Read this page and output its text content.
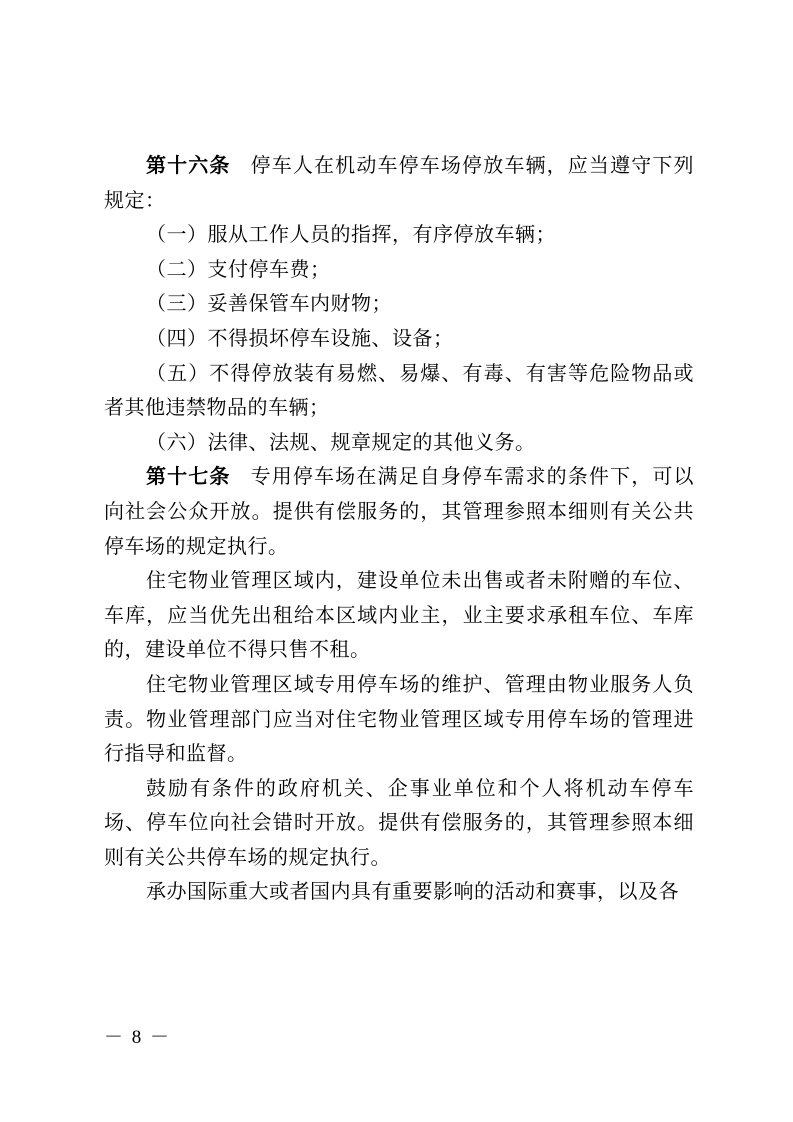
第十六条 停车人在机动车停车场停放车辆，应当遵守下列规定：

（一）服从工作人员的指挥，有序停放车辆；

（二）支付停车费；

（三）妥善保管车内财物；

（四）不得损坏停车设施、设备；

（五）不得停放装有易燃、易爆、有毒、有害等危险物品或者其他违禁物品的车辆；

（六）法律、法规、规章规定的其他义务。

第十七条 专用停车场在满足自身停车需求的条件下，可以向社会公众开放。提供有偿服务的，其管理参照本细则有关公共停车场的规定执行。

住宅物业管理区域内，建设单位未出售或者未附赠的车位、车库，应当优先出租给本区域内业主，业主要求承租车位、车库的，建设单位不得只售不租。

住宅物业管理区域专用停车场的维护、管理由物业服务人负责。物业管理部门应当对住宅物业管理区域专用停车场的管理进行指导和监督。

鼓励有条件的政府机关、企事业单位和个人将机动车停车场、停车位向社会错时开放。提供有偿服务的，其管理参照本细则有关公共停车场的规定执行。

承办国际重大或者国内具有重要影响的活动和赛事，以及各

－ 8 －
